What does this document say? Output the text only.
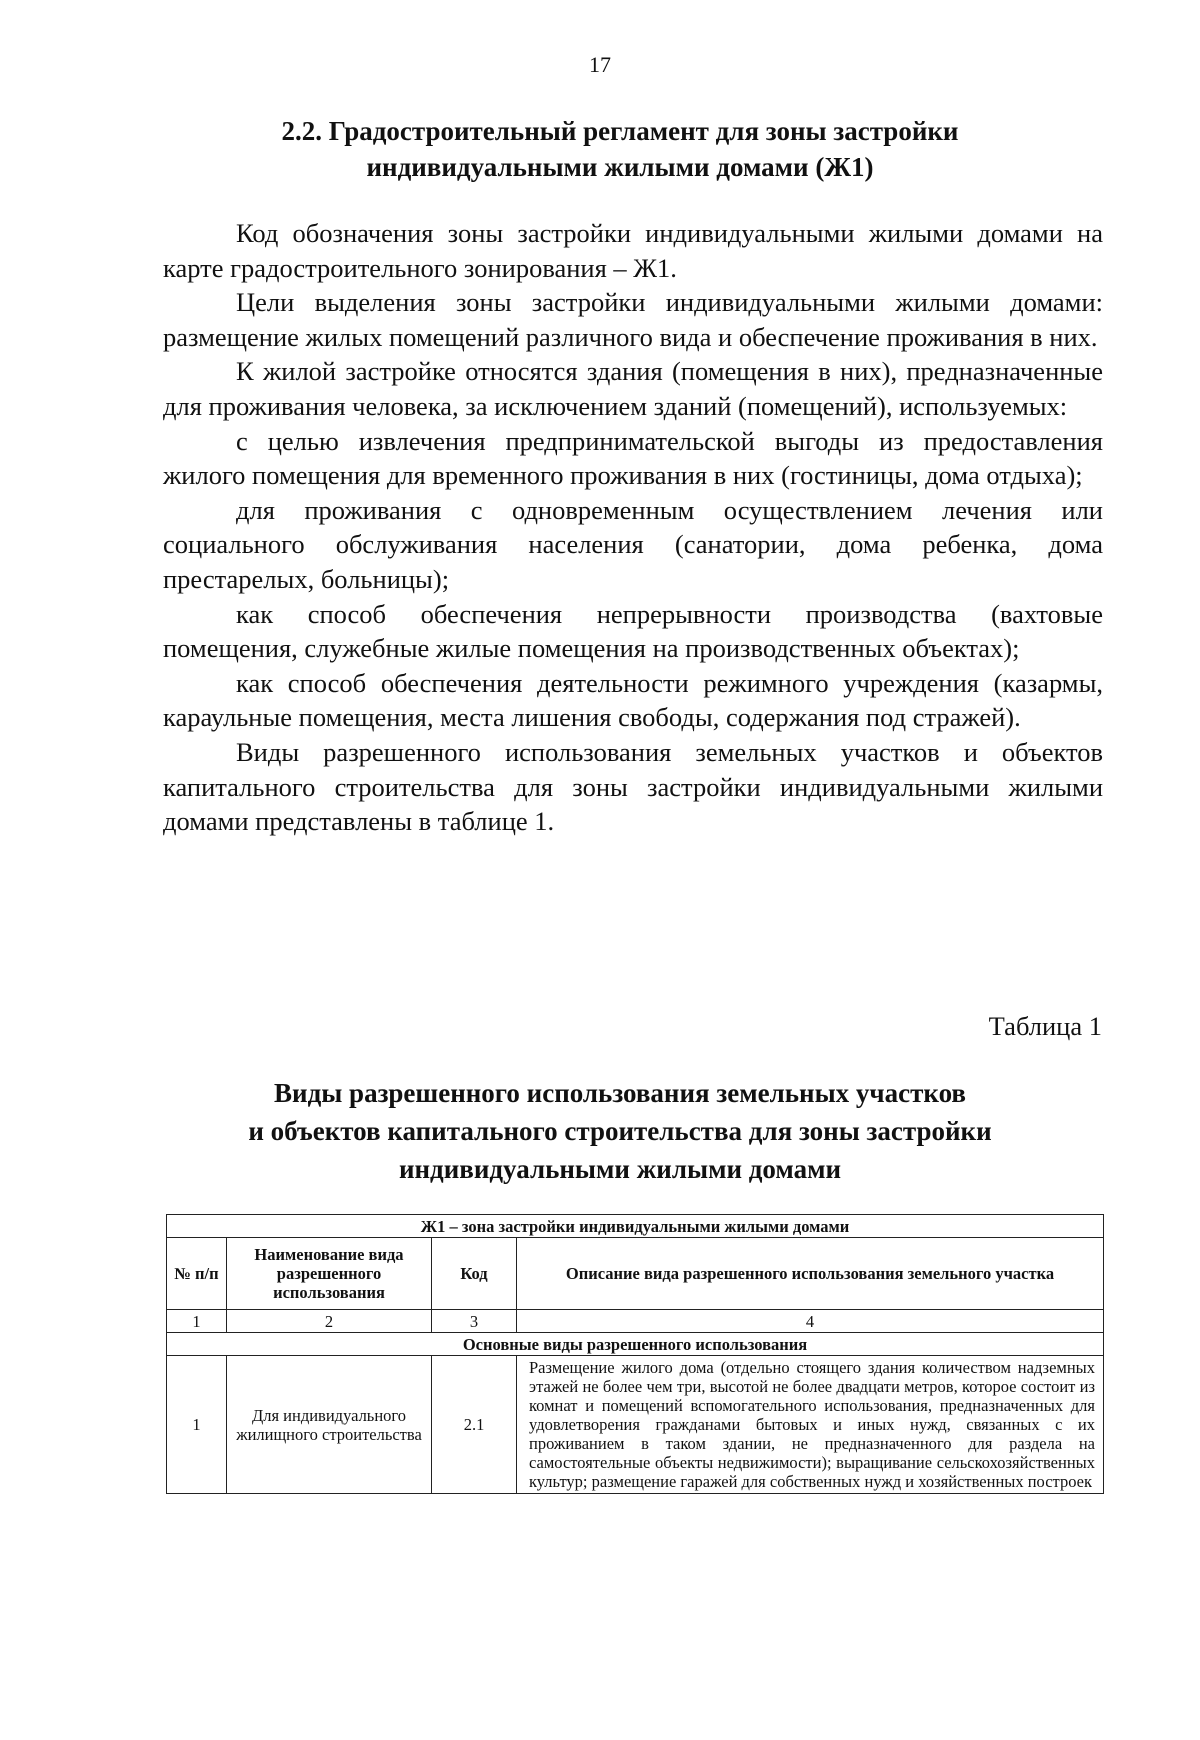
17
2.2. Градостроительный регламент для зоны застройки
индивидуальными жилыми домами (Ж1)

Код обозначения зоны застройки индивидуальными жилыми домами на карте градостроительного зонирования – Ж1.

Цели выделения зоны застройки индивидуальными жилыми домами: размещение жилых помещений различного вида и обеспечение проживания в них.

К жилой застройке относятся здания (помещения в них), предназначенные для проживания человека, за исключением зданий (помещений), используемых:

с целью извлечения предпринимательской выгоды из предоставления жилого помещения для временного проживания в них (гостиницы, дома отдыха);

для проживания с одновременным осуществлением лечения или социального обслуживания населения (санатории, дома ребенка, дома престарелых, больницы);

как способ обеспечения непрерывности производства (вахтовые помещения, служебные жилые помещения на производственных объектах);

как способ обеспечения деятельности режимного учреждения (казармы, караульные помещения, места лишения свободы, содержания под стражей).

Виды разрешенного использования земельных участков и объектов капитального строительства для зоны застройки индивидуальными жилыми домами представлены в таблице 1.

Таблица 1
Виды разрешенного использования земельных участков
и объектов капитального строительства для зоны застройки
индивидуальными жилыми домами
Ж1 – зона застройки индивидуальными жилыми домами			
№ п/п	Наименование вида разрешенного использования	Код	Описание вида разрешенного использования земельного участка
1	2	3	4
Основные виды разрешенного использования			
1	Для индивидуального жилищного строительства	2.1	Размещение жилого дома (отдельно стоящего здания количеством надземных этажей не более чем три, высотой не более двадцати метров, которое состоит из комнат и помещений вспомогательного использования, предназначенных для удовлетворения гражданами бытовых и иных нужд, связанных с их проживанием в таком здании, не предназначенного для раздела на самостоятельные объекты недвижимости); выращивание сельскохозяйственных культур; размещение гаражей для собственных нужд и хозяйственных построек
